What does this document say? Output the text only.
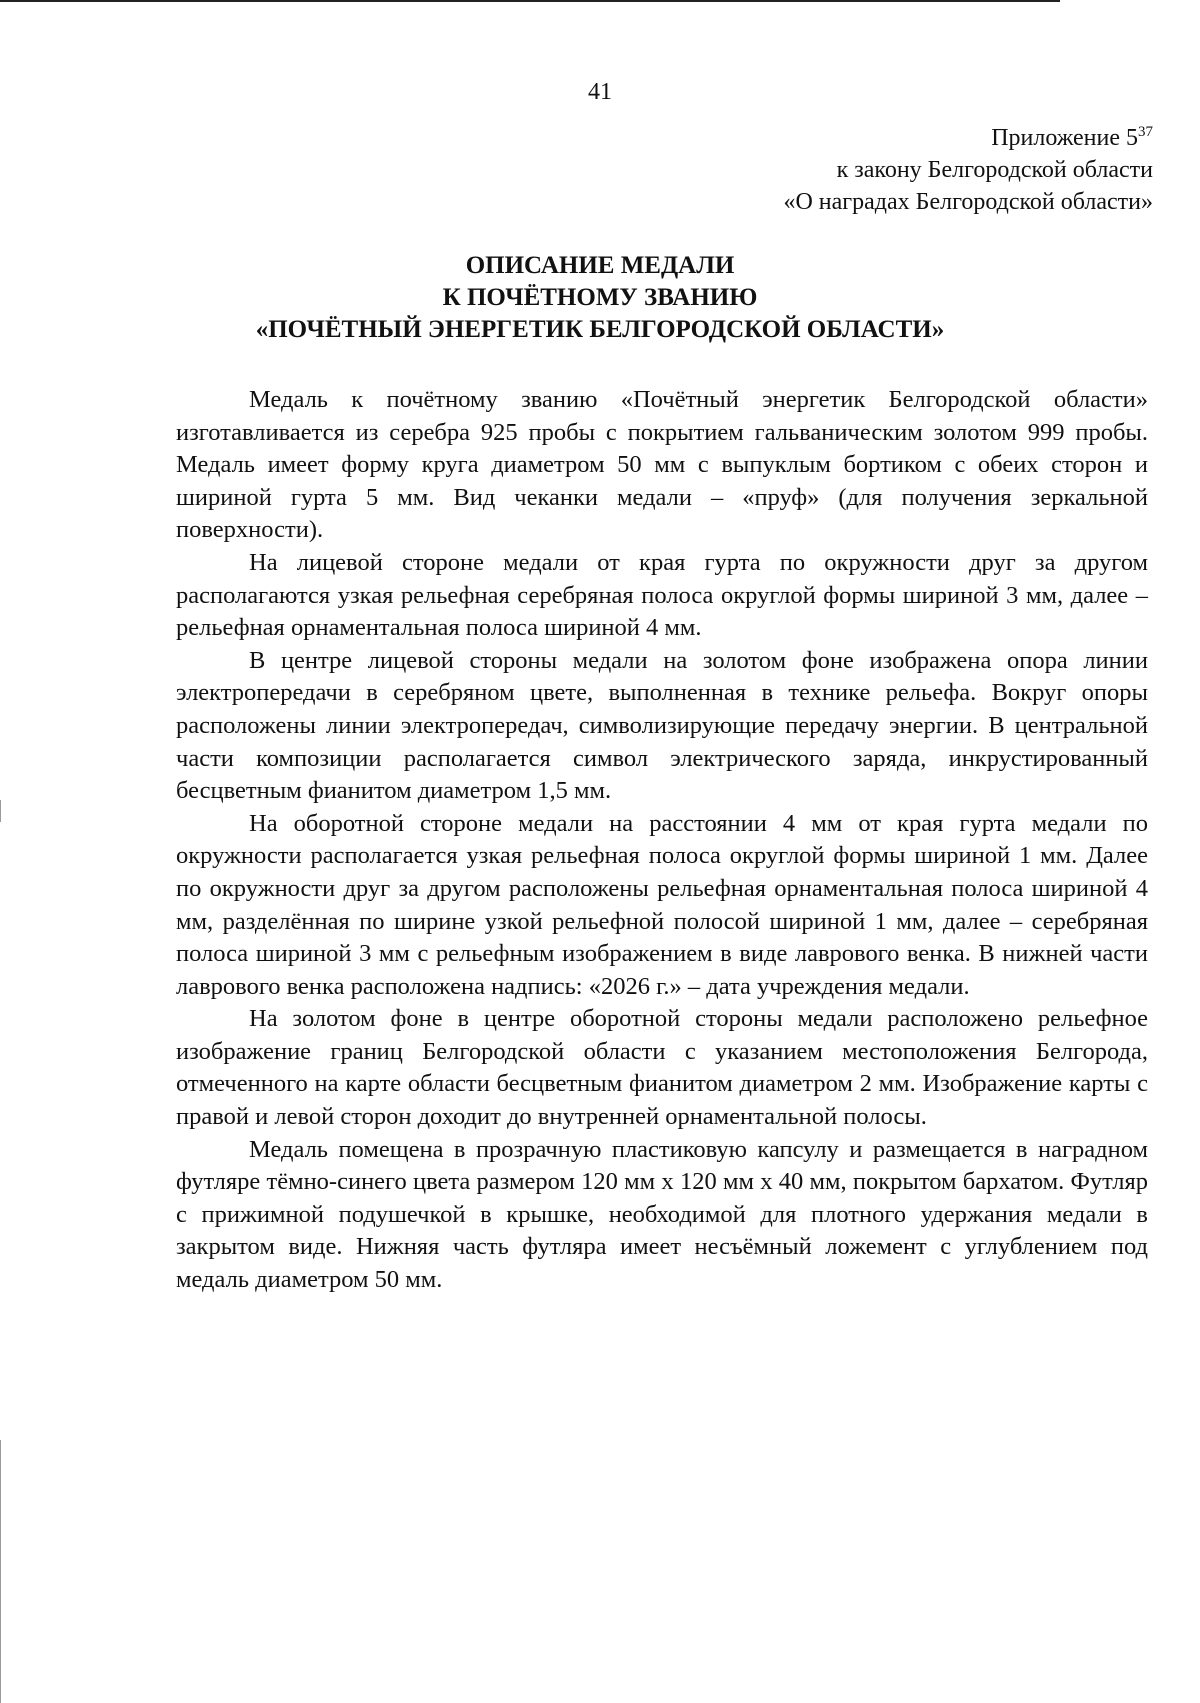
41
Приложение $5^{37}$
к закону Белгородской области
«О наградах Белгородской области»
ОПИСАНИЕ МЕДАЛИ
К ПОЧЁТНОМУ ЗВАНИЮ
«ПОЧЁТНЫЙ ЭНЕРГЕТИК БЕЛГОРОДСКОЙ ОБЛАСТИ»

Медаль к почётному званию «Почётный энергетик Белгородской области» изготавливается из серебра 925 пробы с покрытием гальваническим золотом 999 пробы. Медаль имеет форму круга диаметром 50 мм с выпуклым бортиком с обеих сторон и шириной гурта 5 мм. Вид чеканки медали – «пруф» (для получения зеркальной поверхности).

На лицевой стороне медали от края гурта по окружности друг за другом располагаются узкая рельефная серебряная полоса округлой формы шириной 3 мм, далее – рельефная орнаментальная полоса шириной 4 мм.

В центре лицевой стороны медали на золотом фоне изображена опора линии электропередачи в серебряном цвете, выполненная в технике рельефа. Вокруг опоры расположены линии электропередач, символизирующие передачу энергии. В центральной части композиции располагается символ электрического заряда, инкрустированный бесцветным фианитом диаметром 1,5 мм.

На оборотной стороне медали на расстоянии 4 мм от края гурта медали по окружности располагается узкая рельефная полоса округлой формы шириной 1 мм. Далее по окружности друг за другом расположены рельефная орнаментальная полоса шириной 4 мм, разделённая по ширине узкой рельефной полосой шириной 1 мм, далее – серебряная полоса шириной 3 мм с рельефным изображением в виде лаврового венка. В нижней части лаврового венка расположена надпись: «2026 г.» – дата учреждения медали.

На золотом фоне в центре оборотной стороны медали расположено рельефное изображение границ Белгородской области с указанием местоположения Белгорода, отмеченного на карте области бесцветным фианитом диаметром 2 мм. Изображение карты с правой и левой сторон доходит до внутренней орнаментальной полосы.

Медаль помещена в прозрачную пластиковую капсулу и размещается в наградном футляре тёмно-синего цвета размером 120 мм х 120 мм х 40 мм, покрытом бархатом. Футляр с прижимной подушечкой в крышке, необходимой для плотного удержания медали в закрытом виде. Нижняя часть футляра имеет несъёмный ложемент с углублением под медаль диаметром 50 мм.
